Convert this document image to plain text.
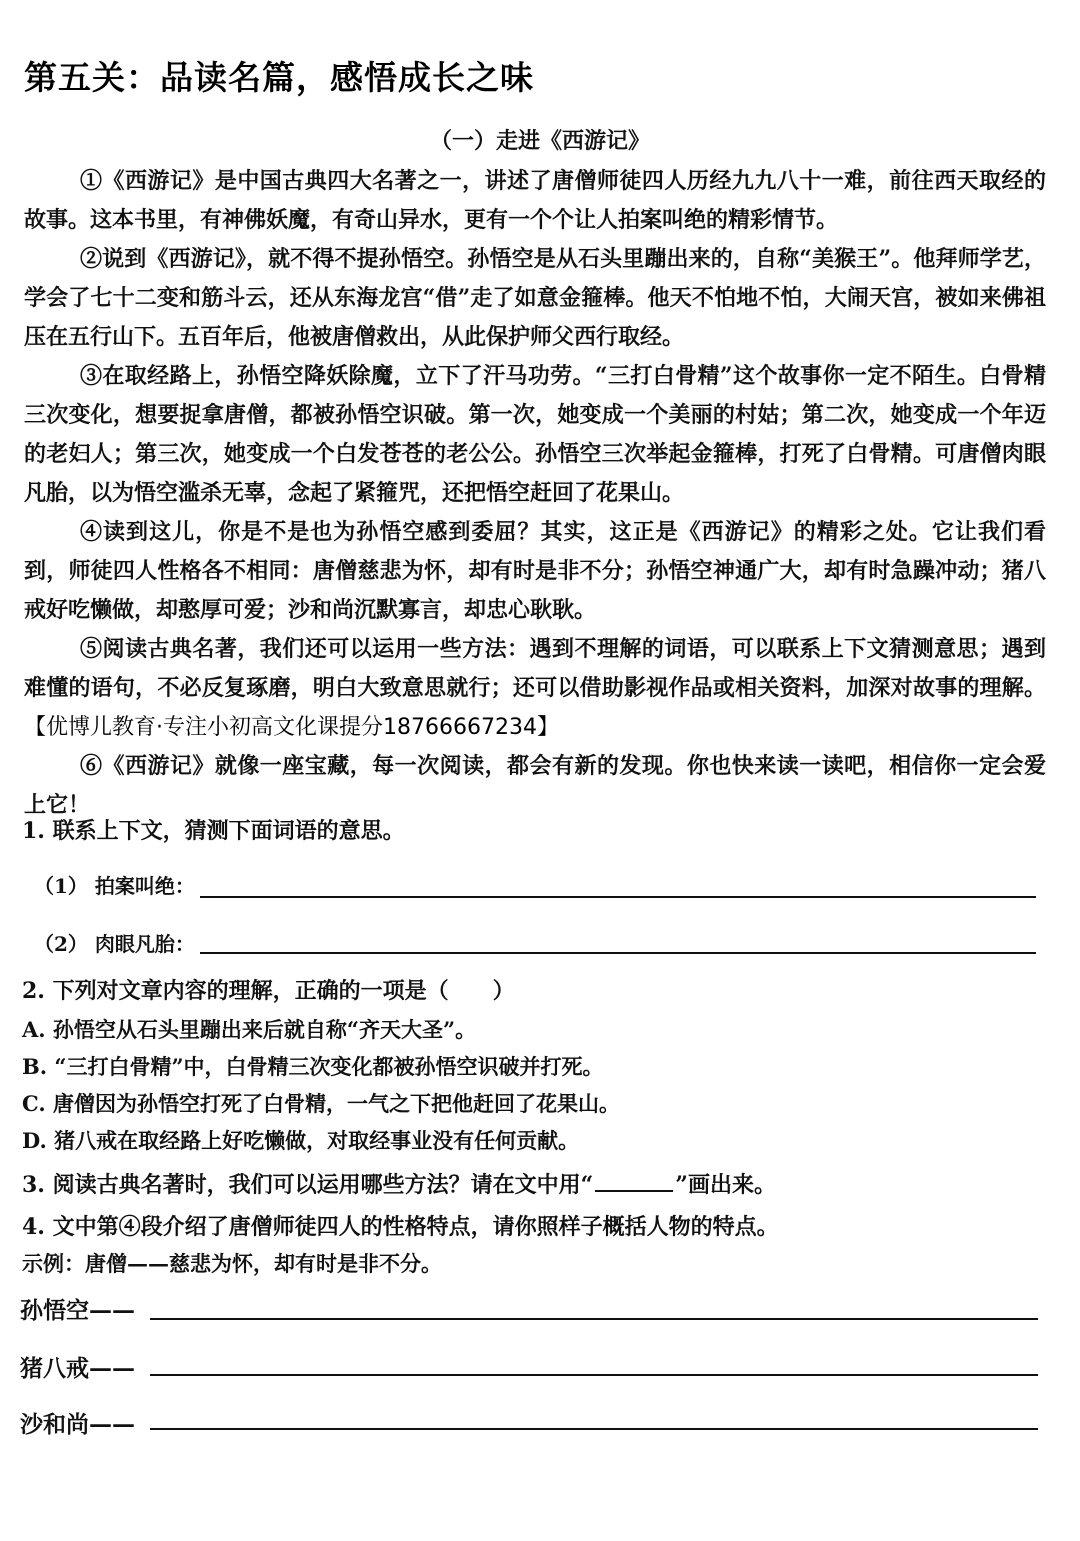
第五关：品读名篇，感悟成长之味
（一）走进《西游记》

①《西游记》是中国古典四大名著之一，讲述了唐僧师徒四人历经九九八十一难，前往西天取经的故事。这本书里，有神佛妖魔，有奇山异水，更有一个个让人拍案叫绝的精彩情节。

②说到《西游记》，就不得不提孙悟空。孙悟空是从石头里蹦出来的，自称“美猴王”。他拜师学艺，学会了七十二变和筋斗云，还从东海龙宫“借”走了如意金箍棒。他天不怕地不怕，大闹天宫，被如来佛祖压在五行山下。五百年后，他被唐僧救出，从此保护师父西行取经。

③在取经路上，孙悟空降妖除魔，立下了汗马功劳。“三打白骨精”这个故事你一定不陌生。白骨精三次变化，想要捉拿唐僧，都被孙悟空识破。第一次，她变成一个美丽的村姑；第二次，她变成一个年迈的老妇人；第三次，她变成一个白发苍苍的老公公。孙悟空三次举起金箍棒，打死了白骨精。可唐僧肉眼凡胎，以为悟空滥杀无辜，念起了紧箍咒，还把悟空赶回了花果山。

④读到这儿，你是不是也为孙悟空感到委屈？其实，这正是《西游记》的精彩之处。它让我们看到，师徒四人性格各不相同：唐僧慈悲为怀，却有时是非不分；孙悟空神通广大，却有时急躁冲动；猪八戒好吃懒做，却憨厚可爱；沙和尚沉默寡言，却忠心耿耿。

⑤阅读古典名著，我们还可以运用一些方法：遇到不理解的词语，可以联系上下文猜测意思；遇到难懂的语句，不必反复琢磨，明白大致意思就行；还可以借助影视作品或相关资料，加深对故事的理解。【优博儿教育·专注小初高文化课提分18766667234】

⑥《西游记》就像一座宝藏，每一次阅读，都会有新的发现。你也快来读一读吧，相信你一定会爱上它！

1. 联系上下文，猜测下面词语的意思。
（1） 拍案叫绝：
（2） 肉眼凡胎：
2. 下列对文章内容的理解，正确的一项是（　　）
A. 孙悟空从石头里蹦出来后就自称“齐天大圣”。
B. “三打白骨精”中，白骨精三次变化都被孙悟空识破并打死。
C. 唐僧因为孙悟空打死了白骨精，一气之下把他赶回了花果山。
D. 猪八戒在取经路上好吃懒做，对取经事业没有任何贡献。
3. 阅读古典名著时，我们可以运用哪些方法？请在文中用“	”画出来。
4. 文中第④段介绍了唐僧师徒四人的性格特点，请你照样子概括人物的特点。
示例：唐僧——慈悲为怀，却有时是非不分。
孙悟空——
猪八戒——
沙和尚——
